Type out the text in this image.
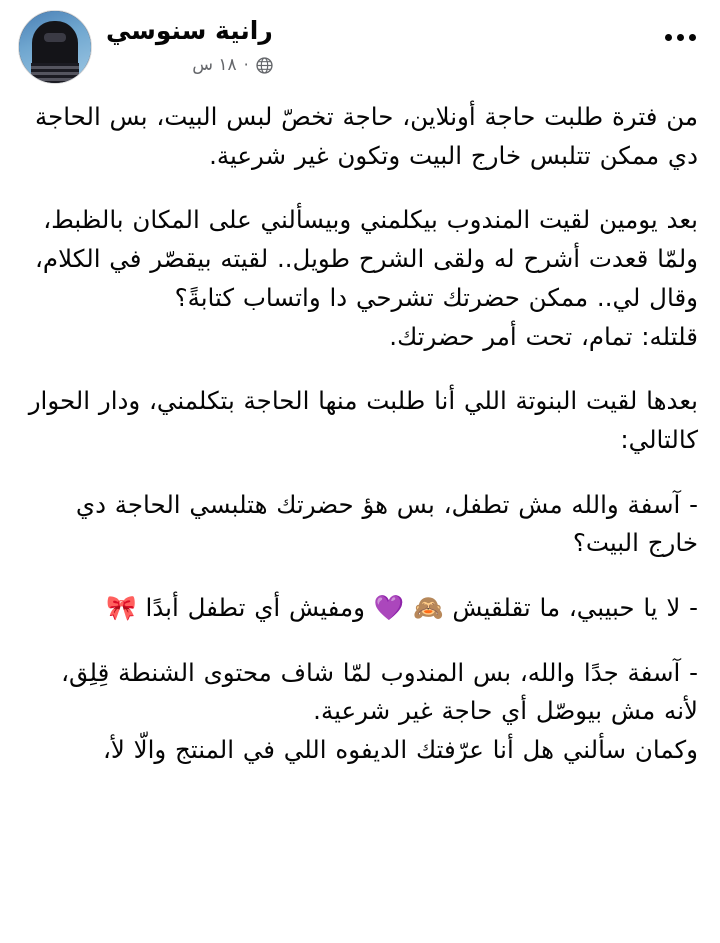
رانية سنوسي
١٨ س ·

من فترة طلبت حاجة أونلاين، حاجة تخصّ لبس البيت، بس الحاجة دي ممكن تتلبس خارج البيت وتكون غير شرعية.

بعد يومين لقيت المندوب بيكلمني وبيسألني على المكان بالظبط، ولمّا قعدت أشرح له ولقى الشرح طويل.. لقيته بيقصّر في الكلام، وقال لي.. ممكن حضرتك تشرحي دا واتساب كتابةً؟

قلتله: تمام، تحت أمر حضرتك.

بعدها لقيت البنوتة اللي أنا طلبت منها الحاجة بتكلمني، ودار الحوار كالتالي:

- آسفة والله مش تطفل، بس هؤ حضرتك هتلبسي الحاجة دي خارج البيت؟

- لا يا حبيبي، ما تقلقيش 🙈 💜 ومفيش أي تطفل أبدًا 🎀

- آسفة جدًا والله، بس المندوب لمّا شاف محتوى الشنطة قِلِق، لأنه مش بيوصّل أي حاجة غير شرعية.

وكمان سألني هل أنا عرّفتك الديفوه اللي في المنتج والّا لأ،
